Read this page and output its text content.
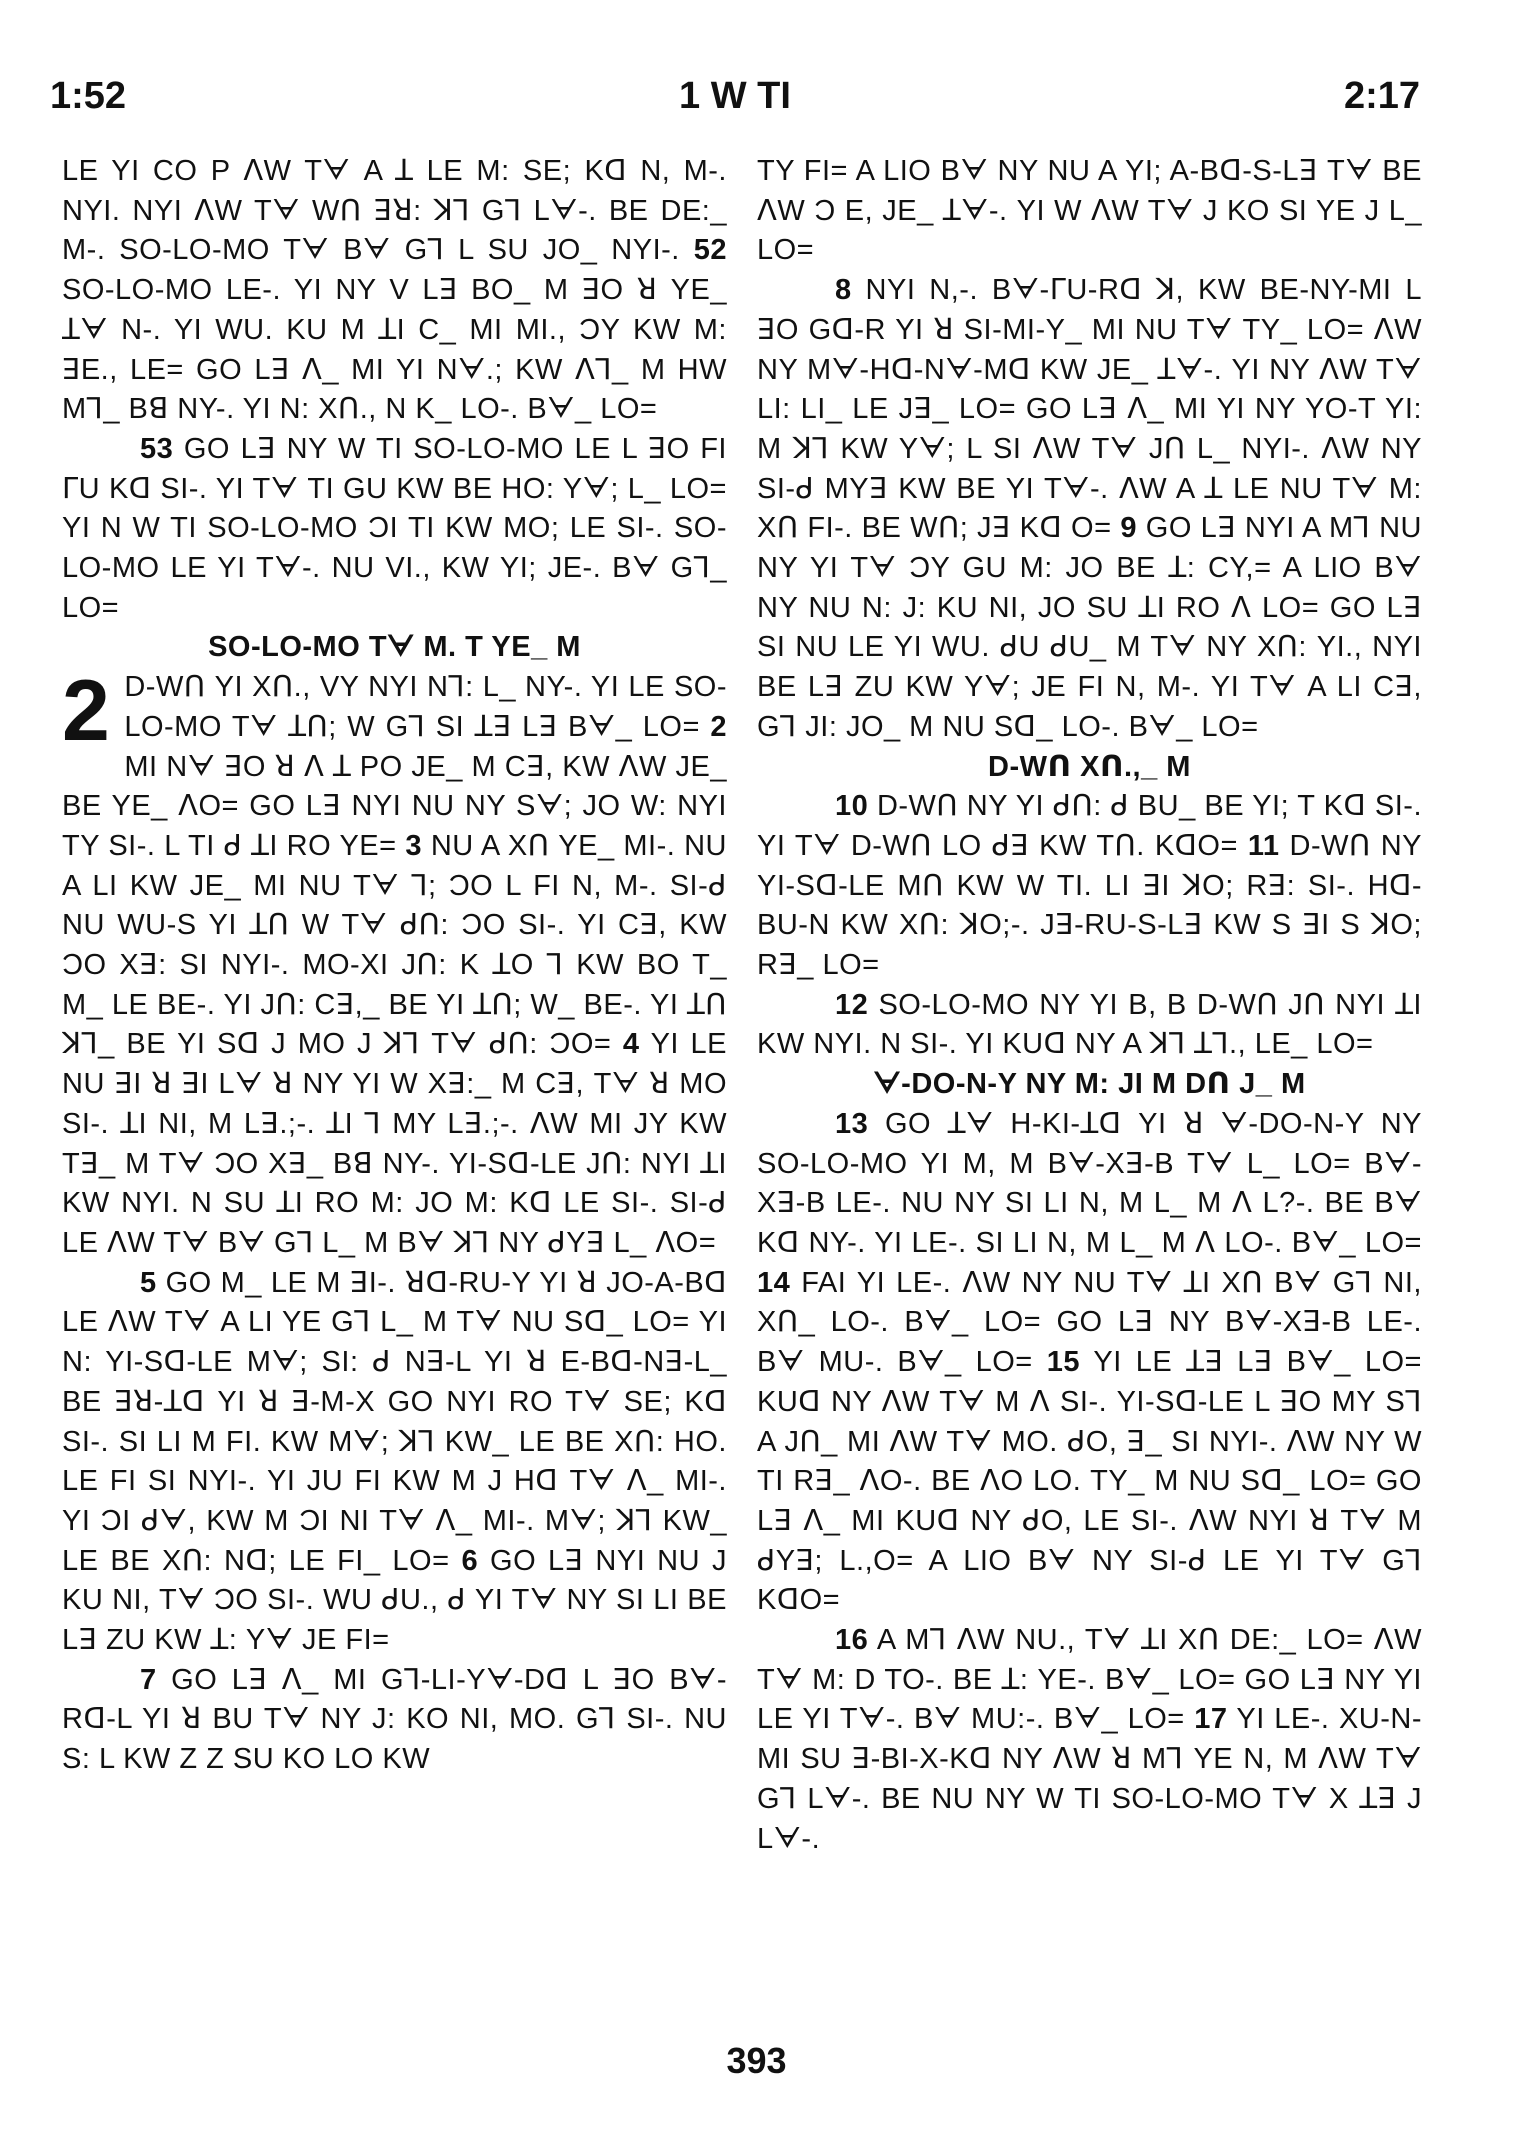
1:52	1 W TI	2:17

LE YI CO P ᐱW Tᗄ A ꓕ LE M: SE; Kᗡ N, M-. NYI. NYI ᐱW Tᗄ Wᑎ ꓱꓤ: ꓘꓶ Gꓶ Lᗄ-. BE DE:_ M-. SO-LO-MO Tᗄ Bᗄ Gꓶ L SU JO_ NYI-. 52 SO-LO-MO LE-. YI NY V Lꓱ BO_ M ꓱO ꓤ YE_ ꓕᗄ N-. YI WU. KU M ꓕI C_ MI MI., ƆY KW M: ꓱE., LE= GO Lꓱ ᐱ_ MI YI Nᗄ.; KW ᐱꓶ_ M HW Mꓶ_ Bꓭ NY-. YI N: Xᑎ., N K_ LO-. Bᗄ_ LO=

53 GO Lꓱ NY W TI SO-LO-MO LE L ꓱO FI ᒥU Kᗡ SI-. YI Tᗄ TI GU KW BE HO: Yᗄ; L_ LO= YI N W TI SO-LO-MO ƆI TI KW MO; LE SI-. SO-LO-MO LE YI Tᗄ-. NU VI., KW YI; JE-. Bᗄ Gꓶ_ LO=

SO-LO-MO Tᗄ M. T YE_ M

2 D-Wᑎ YI Xᑎ., VY NYI Nꓶ: L_ NY-. YI LE SO-LO-MO Tᗄ ꓕᑎ; W Gꓶ SI ꓕꓱ Lꓱ Bᗄ_ LO= 2 MI Nᗄ ꓱO ꓤ ᐱ ꓕ PO JE_ M Cꓱ, KW ᐱW JE_ BE YE_ ᐱO= GO Lꓱ NYI NU NY Sᗄ; JO W: NYI TY SI-. L TI ᑯ ꓕI RO YE= 3 NU A Xᑎ YE_ MI-. NU A LI KW JE_ MI NU Tᗄ ꓶ; ƆO L FI N, M-. SI-ᑯ NU WU-S YI ꓕᑎ W Tᗄ ᑯᑎ: ƆO SI-. YI Cꓱ, KW ƆO Xꓱ: SI NYI-. MO-XI Jᑎ: K ꓕO ꓶ KW BO T_ M_ LE BE-. YI Jᑎ: Cꓱ,_ BE YI ꓕᑎ; W_ BE-. YI ꓕᑎ ꓘꓶ_ BE YI Sᗡ J MO J ꓘꓶ Tᗄ ᑯᑎ: ƆO= 4 YI LE NU ꓱI ꓤ ꓱI Lᗄ ꓤ NY YI W Xꓱ:_ M Cꓱ, Tᗄ ꓤ MO SI-. ꓕI NI, M Lꓱ.;-. ꓕI ꓶ MY Lꓱ.;-. ᐱW MI JY KW Tꓱ_ M Tᗄ ƆO Xꓱ_ Bꓭ NY-. YI-Sᗡ-LE Jᑎ: NYI ꓕI KW NYI. N SU ꓕI RO M: JO M: Kᗡ LE SI-. SI-ᑯ LE ᐱW Tᗄ Bᗄ Gꓶ L_ M Bᗄ ꓘꓶ NY ᑯYꓱ L_ ᐱO=

5 GO M_ LE M ꓱI-. ꓤᗡ-RU-Y YI ꓤ JO-A-Bᗡ LE ᐱW Tᗄ A LI YE Gꓶ L_ M Tᗄ NU Sᗡ_ LO= YI N: YI-Sᗡ-LE Mᗄ; SI: ᑯ Nꓱ-L YI ꓤ E-Bᗡ-Nꓱ-L_ BE ꓱꓤ-ꓕᗡ YI ꓤ ꓱ-M-X GO NYI RO Tᗄ SE; Kᗡ SI-. SI LI M FI. KW Mᗄ; ꓘꓶ KW_ LE BE Xᑎ: HO. LE FI SI NYI-. YI JU FI KW M J Hᗡ Tᗄ ᐱ_ MI-. YI ƆI ᑯᗄ, KW M ƆI NI Tᗄ ᐱ_ MI-. Mᗄ; ꓘꓶ KW_ LE BE Xᑎ: Nᗡ; LE FI_ LO= 6 GO Lꓱ NYI NU J KU NI, Tᗄ ƆO SI-. WU ᑯU., ᑯ YI Tᗄ NY SI LI BE Lꓱ ZU KW ꓕ: Yᗄ JE FI=

7 GO Lꓱ ᐱ_ MI Gꓶ-LI-Yᗄ-Dᗡ L ꓱO Bᗄ-Rᗡ-L YI ꓤ BU Tᗄ NY J: KO NI, MO. Gꓶ SI-. NU S: L KW Z Z SU KO LO KW

TY FI= A LIO Bᗄ NY NU A YI; A-Bᗡ-S-Lꓱ Tᗄ BE ᐱW Ɔ E, JE_ ꓕᗄ-. YI W ᐱW Tᗄ J KO SI YE J L_ LO=

8 NYI N,-. Bᗄ-ᒥU-Rᗡ ꓘ, KW BE-NY-MI L ꓱO Gᗡ-R YI ꓤ SI-MI-Y_ MI NU Tᗄ TY_ LO= ᐱW NY Mᗄ-Hᗡ-Nᗄ-Mᗡ KW JE_ ꓕᗄ-. YI NY ᐱW Tᗄ LI: LI_ LE Jꓱ_ LO= GO Lꓱ ᐱ_ MI YI NY YO-T YI: M ꓘꓶ KW Yᗄ; L SI ᐱW Tᗄ Jᑎ L_ NYI-. ᐱW NY SI-ᑯ MYꓱ KW BE YI Tᗄ-. ᐱW A ꓕ LE NU Tᗄ M: Xᑎ FI-. BE Wᑎ; Jꓱ Kᗡ O= 9 GO Lꓱ NYI A Mꓶ NU NY YI Tᗄ ƆY GU M: JO BE ꓕ: CY,= A LIO Bᗄ NY NU N: J: KU NI, JO SU ꓕI RO ᐱ LO= GO Lꓱ SI NU LE YI WU. ᑯU ᑯU_ M Tᗄ NY Xᑎ: YI., NYI BE Lꓱ ZU KW Yᗄ; JE FI N, M-. YI Tᗄ A LI Cꓱ, Gꓶ JI: JO_ M NU Sᗡ_ LO-. Bᗄ_ LO=

D-Wᑎ Xᑎ.,_ M

10 D-Wᑎ NY YI ᑯᑎ: ᑯ BU_ BE YI; T Kᗡ SI-. YI Tᗄ D-Wᑎ LO ᑯꓱ KW Tᑎ. KᗡO= 11 D-Wᑎ NY YI-Sᗡ-LE Mᑎ KW W TI. LI ꓱI ꓘO; Rꓱ: SI-. Hᗡ-BU-N KW Xᑎ: ꓘO;-. Jꓱ-RU-S-Lꓱ KW S ꓱI S ꓘO; Rꓱ_ LO=

12 SO-LO-MO NY YI B, B D-Wᑎ Jᑎ NYI ꓕI KW NYI. N SI-. YI KUᗡ NY A ꓘꓶ ꓕꓶ., LE_ LO=

ᗄ-DO-N-Y NY M: JI M Dᑎ J_ M

13 GO ꓕᗄ H-KI-ꓕᗡ YI ꓤ ᗄ-DO-N-Y NY SO-LO-MO YI M, M Bᗄ-Xꓱ-B Tᗄ L_ LO= Bᗄ-Xꓱ-B LE-. NU NY SI LI N, M L_ M ᐱ L?-. BE Bᗄ Kᗡ NY-. YI LE-. SI LI N, M L_ M ᐱ LO-. Bᗄ_ LO= 14 FAI YI LE-. ᐱW NY NU Tᗄ ꓕI Xᑎ Bᗄ Gꓶ NI, Xᑎ_ LO-. Bᗄ_ LO= GO Lꓱ NY Bᗄ-Xꓱ-B LE-. Bᗄ MU-. Bᗄ_ LO= 15 YI LE ꓕꓱ Lꓱ Bᗄ_ LO= KUᗡ NY ᐱW Tᗄ M ᐱ SI-. YI-Sᗡ-LE L ꓱO MY Sꓶ A Jᑎ_ MI ᐱW Tᗄ MO. ᑯO, ꓱ_ SI NYI-. ᐱW NY W TI Rꓱ_ ᐱO-. BE ᐱO LO. TY_ M NU Sᗡ_ LO= GO Lꓱ ᐱ_ MI KUᗡ NY ᑯO, LE SI-. ᐱW NYI ꓤ Tᗄ M ᑯYꓱ; L.,O= A LIO Bᗄ NY SI-ᑯ LE YI Tᗄ Gꓶ KᗡO=

16 A Mꓶ ᐱW NU., Tᗄ ꓕI Xᑎ DE:_ LO= ᐱW Tᗄ M: D TO-. BE ꓕ: YE-. Bᗄ_ LO= GO Lꓱ NY YI LE YI Tᗄ-. Bᗄ MU:-. Bᗄ_ LO= 17 YI LE-. XU-N-MI SU ꓱ-BI-X-Kᗡ NY ᐱW ꓤ Mꓶ YE N, M ᐱW Tᗄ Gꓶ Lᗄ-. BE NU NY W TI SO-LO-MO Tᗄ X ꓕꓱ J Lᗄ-.

393
